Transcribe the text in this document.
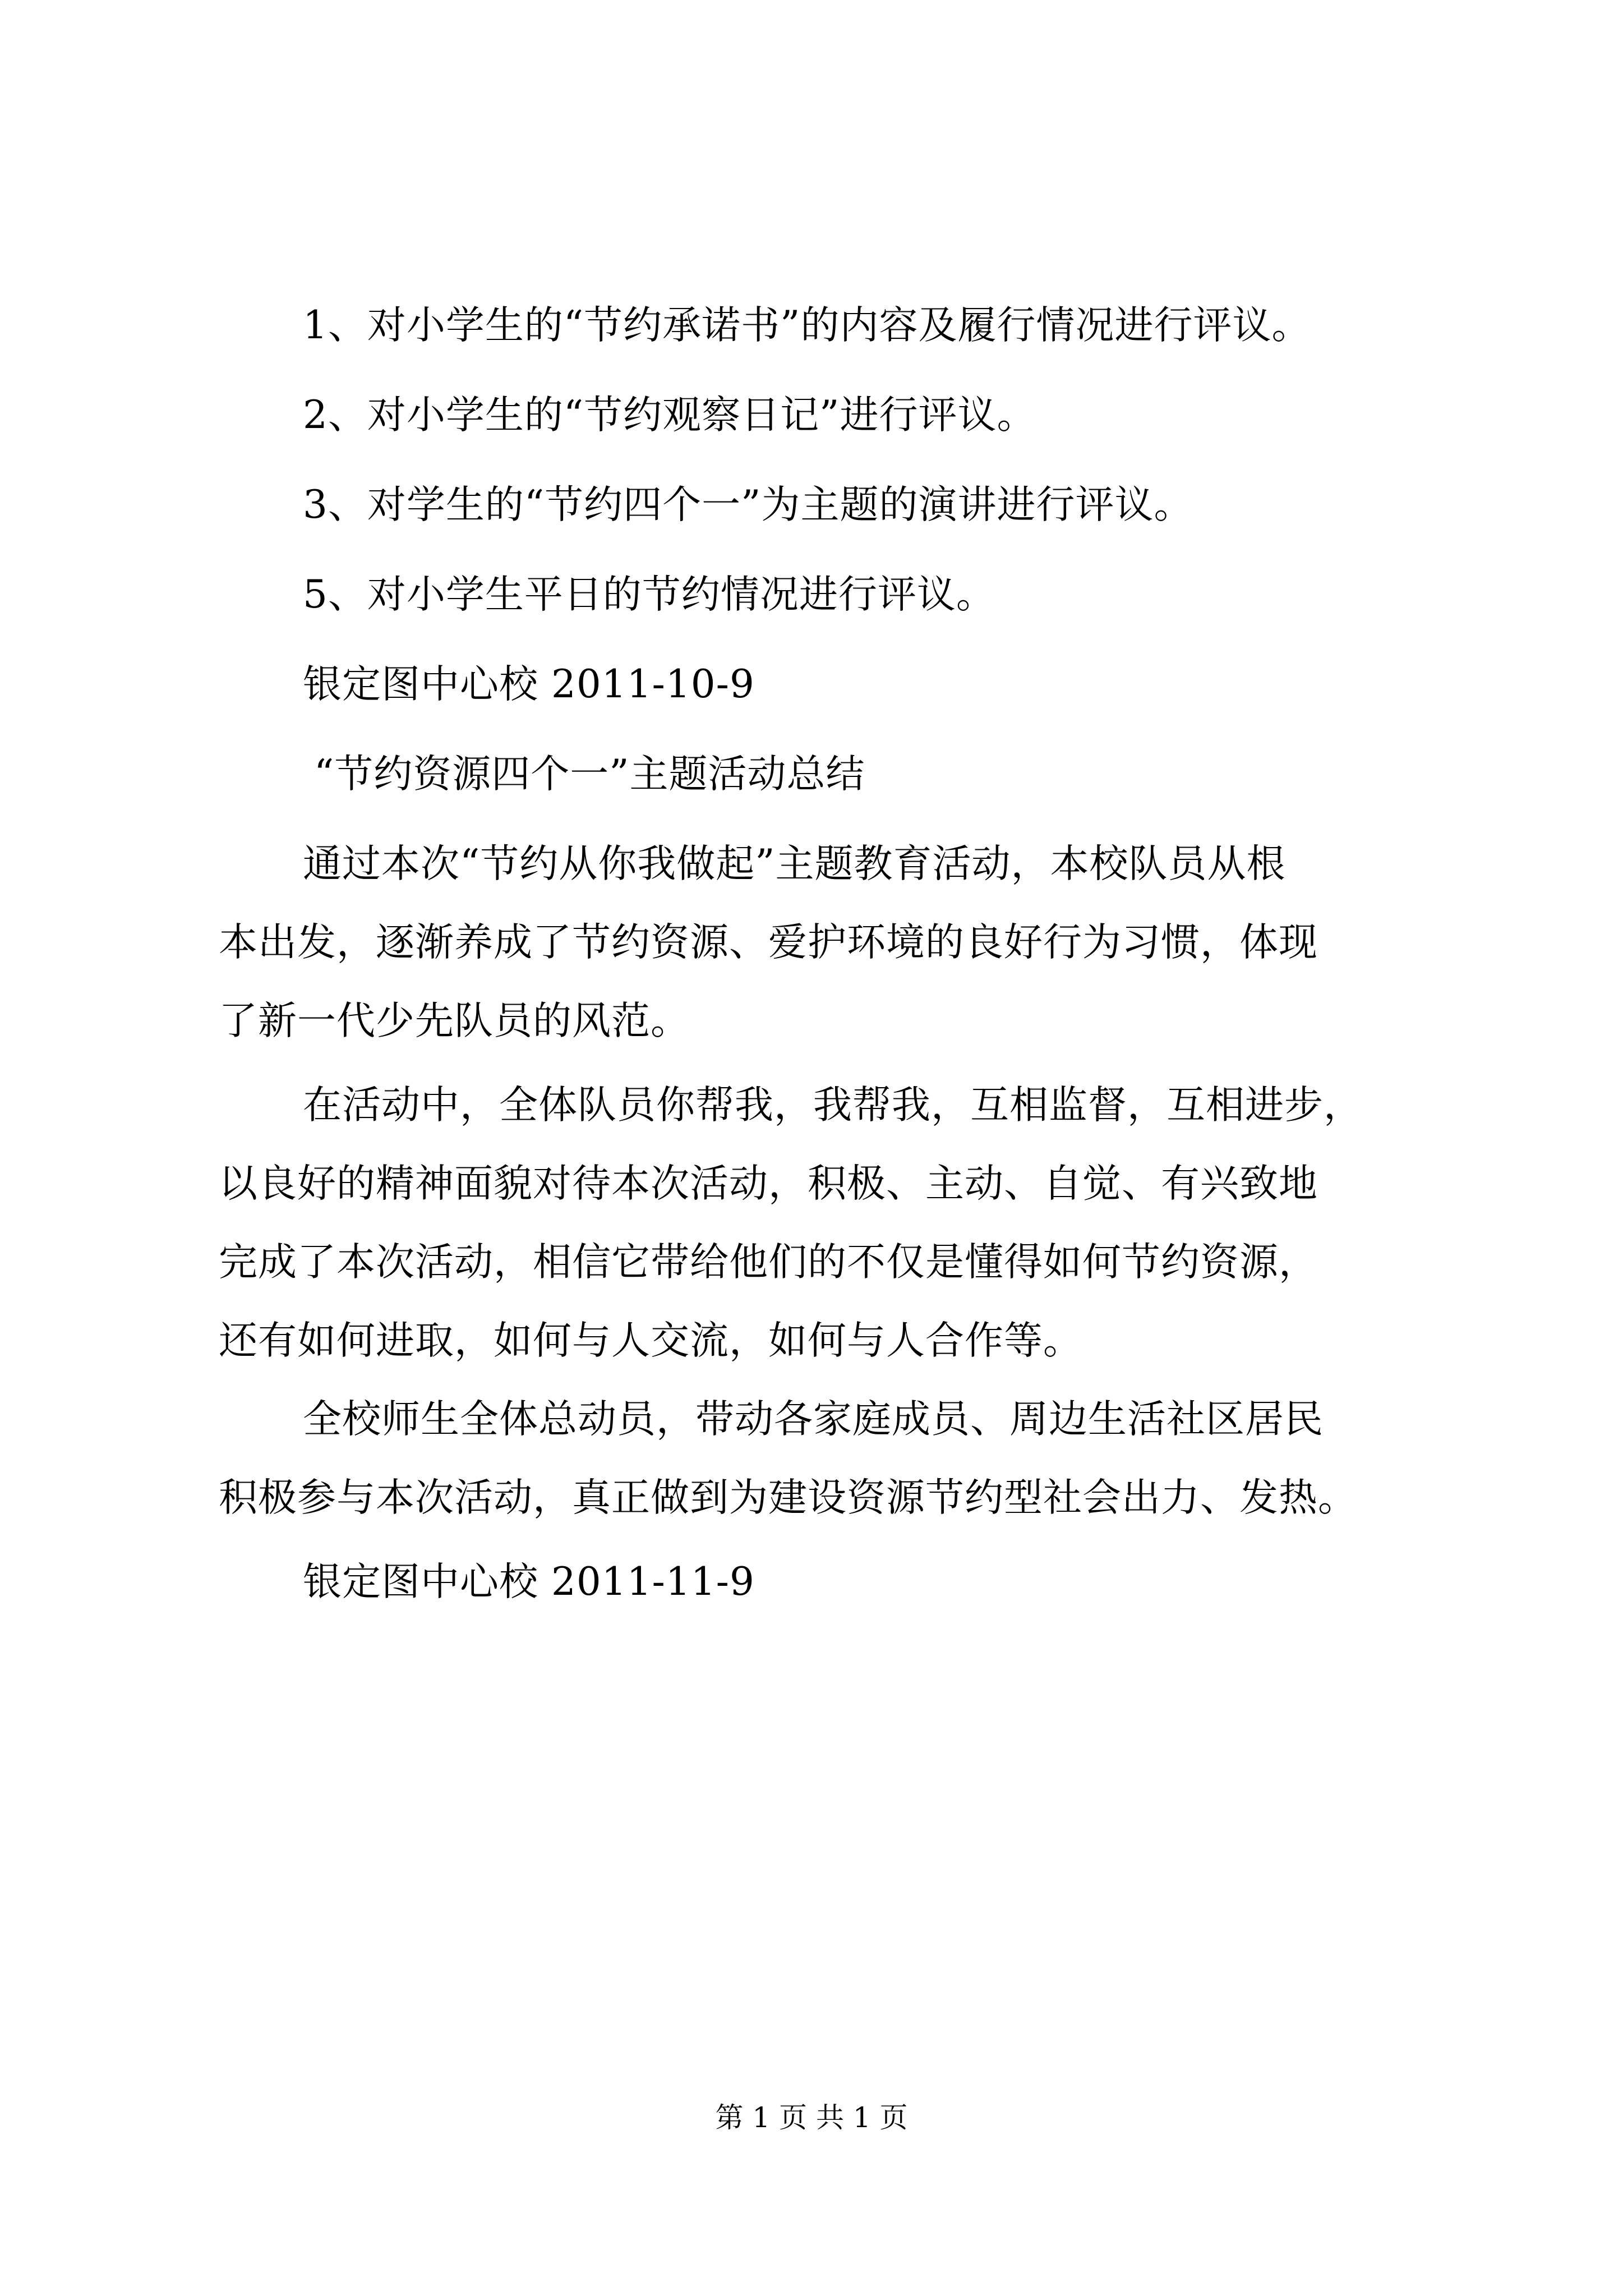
1、对小学生的“节约承诺书”的内容及履行情况进行评议。
2、对小学生的“节约观察日记”进行评议。
3、对学生的“节约四个一”为主题的演讲进行评议。
5、对小学生平日的节约情况进行评议。
银定图中心校 2011-10-9
“节约资源四个一”主题活动总结
通过本次“节约从你我做起”主题教育活动，本校队员从根
本出发，逐渐养成了节约资源、爱护环境的良好行为习惯，体现
了新一代少先队员的风范。
在活动中，全体队员你帮我，我帮我，互相监督，互相进步，
以良好的精神面貌对待本次活动，积极、主动、自觉、有兴致地
完成了本次活动，相信它带给他们的不仅是懂得如何节约资源，
还有如何进取，如何与人交流，如何与人合作等。
全校师生全体总动员，带动各家庭成员、周边生活社区居民
积极参与本次活动，真正做到为建设资源节约型社会出力、发热。
银定图中心校 2011-11-9
第 1 页 共 1 页
